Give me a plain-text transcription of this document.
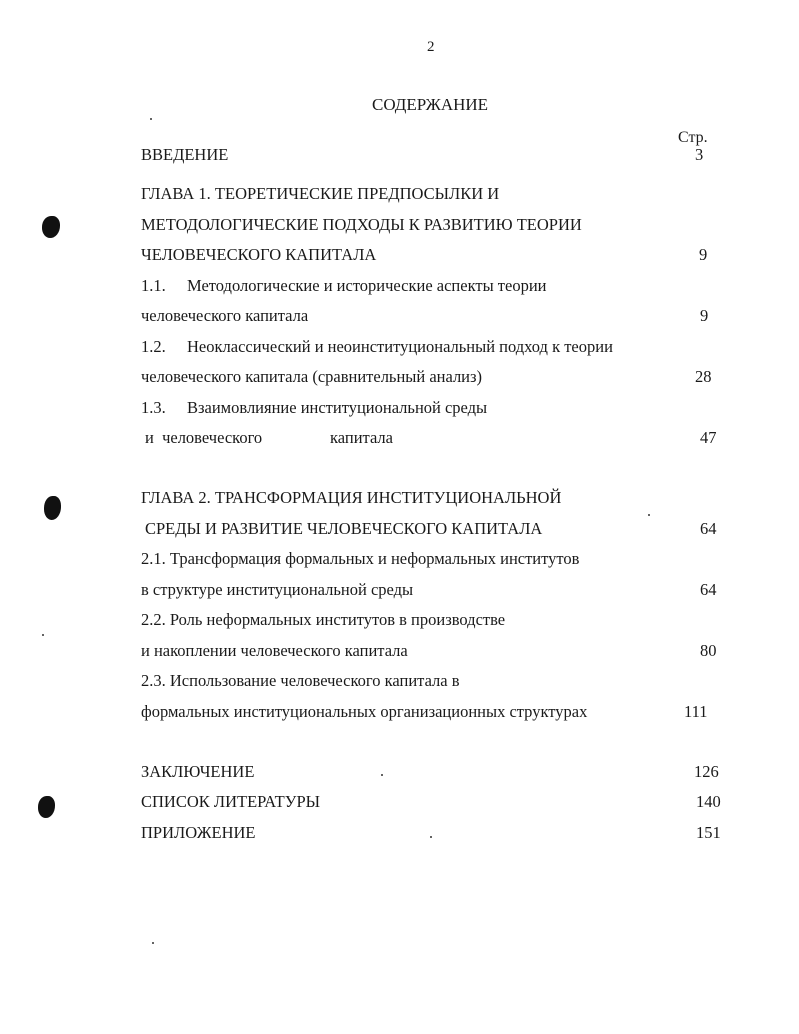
2
СОДЕРЖАНИЕ
Стр.
ВВЕДЕНИЕ	3
ГЛАВА 1. ТЕОРЕТИЧЕСКИЕ ПРЕДПОСЫЛКИ И
МЕТОДОЛОГИЧЕСКИЕ ПОДХОДЫ К РАЗВИТИЮ ТЕОРИИ
ЧЕЛОВЕЧЕСКОГО КАПИТАЛА	9
1.1. Методологические и исторические аспекты теории
человеческого капитала	9
1.2. Неоклассический и неоинституциональный подход к теории
человеческого капитала (сравнительный анализ)	28
1.3. Взаимовлияние институциональной среды
и  человеческого	капитала	47
ГЛАВА 2. ТРАНСФОРМАЦИЯ ИНСТИТУЦИОНАЛЬНОЙ
СРЕДЫ И РАЗВИТИЕ ЧЕЛОВЕЧЕСКОГО КАПИТАЛА	64
2.1. Трансформация формальных и неформальных институтов
в структуре институциональной среды	64
2.2. Роль неформальных институтов в производстве
и накоплении человеческого капитала	80
2.3. Использование человеческого капитала в
формальных институциональных организационных структурах	111
ЗАКЛЮЧЕНИЕ	126
СПИСОК ЛИТЕРАТУРЫ	140
ПРИЛОЖЕНИЕ	151
